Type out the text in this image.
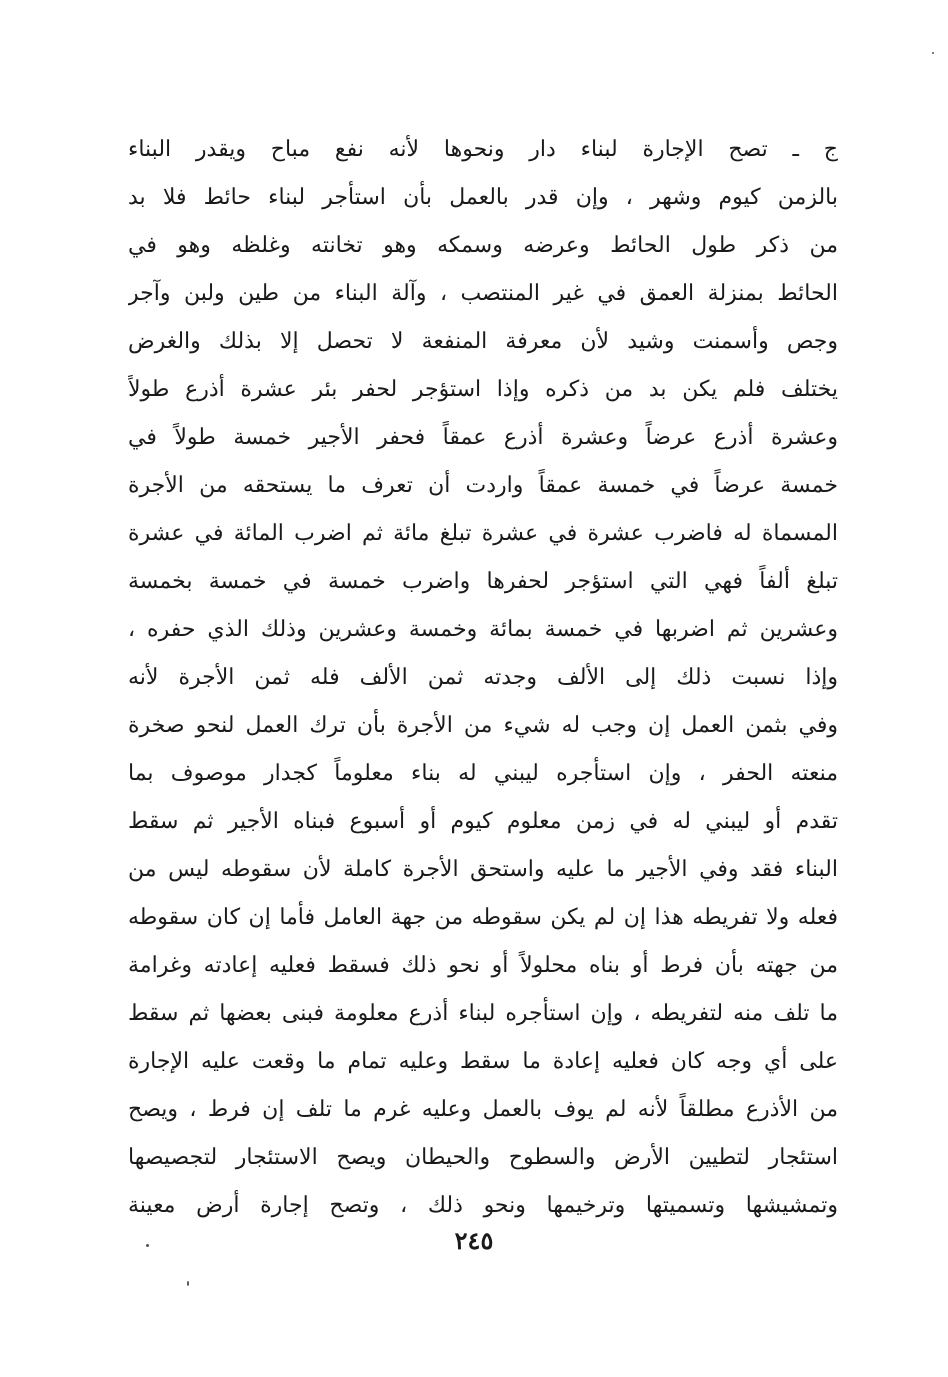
ج ـ تصح الإجارة لبناء دار ونحوها لأنه نفع مباح ويقدر البناء
بالزمن كيوم وشهر ، وإن قدر بالعمل بأن استأجر لبناء حائط فلا بد
من ذكر طول الحائط وعرضه وسمكه وهو تخانته وغلظه وهو في
الحائط بمنزلة العمق في غير المنتصب ، وآلة البناء من طين ولبن وآجر
وجص وأسمنت وشيد لأن معرفة المنفعة لا تحصل إلا بذلك والغرض
يختلف فلم يكن بد من ذكره وإذا استؤجر لحفر بئر عشرة أذرع طولاً
وعشرة أذرع عرضاً وعشرة أذرع عمقاً فحفر الأجير خمسة طولاً في
خمسة عرضاً في خمسة عمقاً واردت أن تعرف ما يستحقه من الأجرة
المسماة له فاضرب عشرة في عشرة تبلغ مائة ثم اضرب المائة في عشرة
تبلغ ألفاً فهي التي استؤجر لحفرها واضرب خمسة في خمسة بخمسة
وعشرين ثم اضربها في خمسة بمائة وخمسة وعشرين وذلك الذي حفره ،
وإذا نسبت ذلك إلى الألف وجدته ثمن الألف فله ثمن الأجرة لأنه
وفي بثمن العمل إن وجب له شيء من الأجرة بأن ترك العمل لنحو صخرة
منعته الحفر ، وإن استأجره ليبني له بناء معلوماً كجدار موصوف بما
تقدم أو ليبني له في زمن معلوم كيوم أو أسبوع فبناه الأجير ثم سقط
البناء فقد وفي الأجير ما عليه واستحق الأجرة كاملة لأن سقوطه ليس من
فعله ولا تفريطه هذا إن لم يكن سقوطه من جهة العامل فأما إن كان سقوطه
من جهته بأن فرط أو بناه محلولاً أو نحو ذلك فسقط فعليه إعادته وغرامة
ما تلف منه لتفريطه ، وإن استأجره لبناء أذرع معلومة فبنى بعضها ثم سقط
على أي وجه كان فعليه إعادة ما سقط وعليه تمام ما وقعت عليه الإجارة
من الأذرع مطلقاً لأنه لم يوف بالعمل وعليه غرم ما تلف إن فرط ، ويصح
استئجار لتطيين الأرض والسطوح والحيطان ويصح الاستئجار لتجصيصها
وتمشيشها وتسميتها وترخيمها ونحو ذلك ، وتصح إجارة أرض معينة
٢٤٥
